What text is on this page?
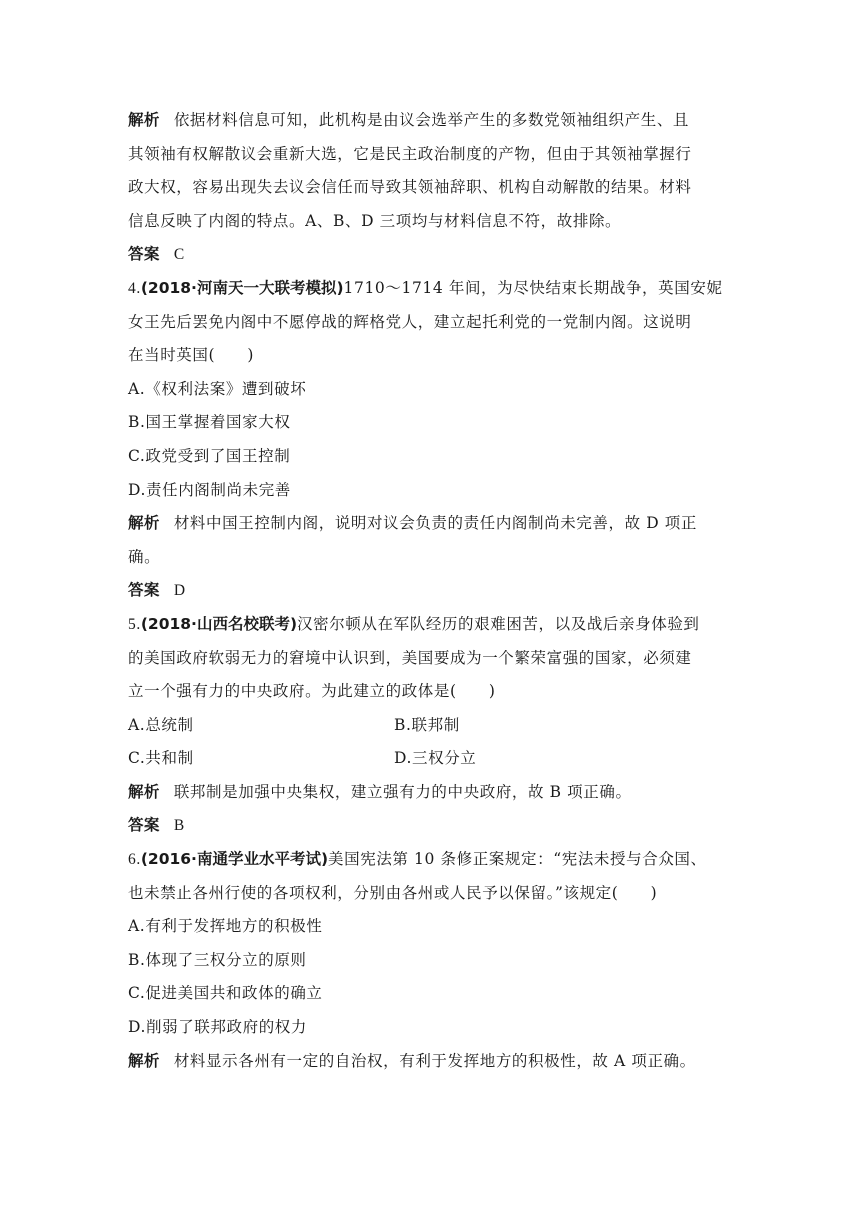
解析 依据材料信息可知，此机构是由议会选举产生的多数党领袖组织产生、且
其领袖有权解散议会重新大选，它是民主政治制度的产物，但由于其领袖掌握行
政大权，容易出现失去议会信任而导致其领袖辞职、机构自动解散的结果。材料
信息反映了内阁的特点。A、B、D 三项均与材料信息不符，故排除。
答案 C
4.(2018·河南天一大联考模拟)1710～1714 年间，为尽快结束长期战争，英国安妮
女王先后罢免内阁中不愿停战的辉格党人，建立起托利党的一党制内阁。这说明
在当时英国(　　)
A.《权利法案》遭到破坏
B.国王掌握着国家大权
C.政党受到了国王控制
D.责任内阁制尚未完善
解析 材料中国王控制内阁，说明对议会负责的责任内阁制尚未完善，故 D 项正
确。
答案 D
5.(2018·山西名校联考)汉密尔顿从在军队经历的艰难困苦，以及战后亲身体验到
的美国政府软弱无力的窘境中认识到，美国要成为一个繁荣富强的国家，必须建
立一个强有力的中央政府。为此建立的政体是(　　)
A.总统制	B.联邦制
C.共和制	D.三权分立
解析 联邦制是加强中央集权，建立强有力的中央政府，故 B 项正确。
答案 B
6.(2016·南通学业水平考试)美国宪法第 10 条修正案规定：“宪法未授与合众国、
也未禁止各州行使的各项权利，分别由各州或人民予以保留。”该规定(　　)
A.有利于发挥地方的积极性
B.体现了三权分立的原则
C.促进美国共和政体的确立
D.削弱了联邦政府的权力
解析 材料显示各州有一定的自治权，有利于发挥地方的积极性，故 A 项正确。
